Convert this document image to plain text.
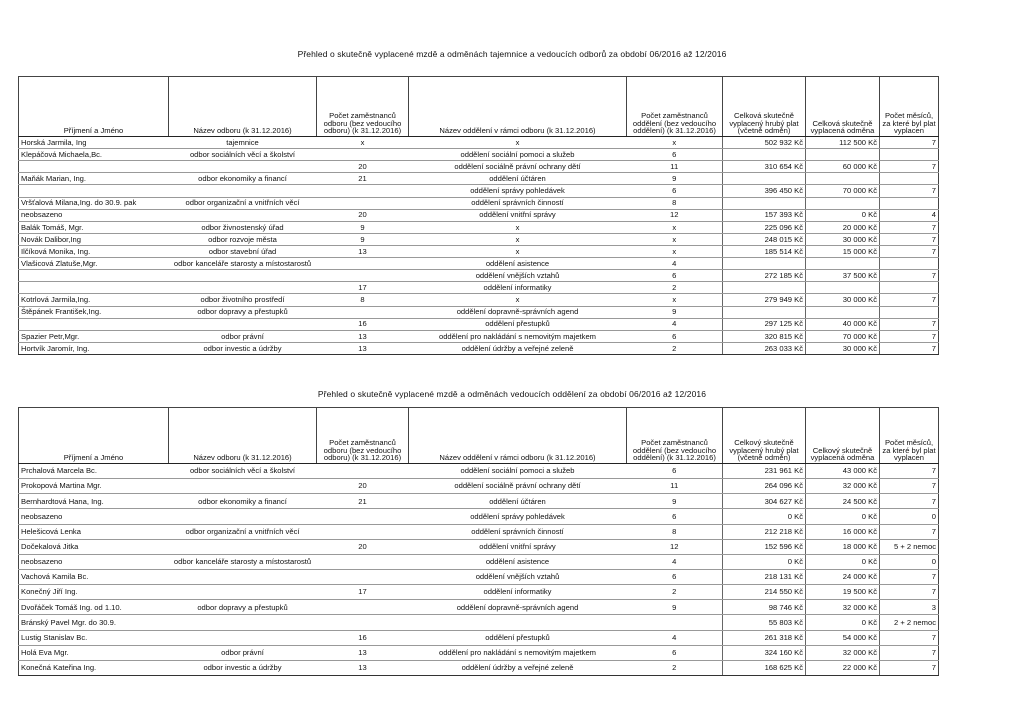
Přehled o skutečně vyplacené mzdě a odměnách tajemnice a vedoucích odborů za období 06/2016 až 12/2016
Příjmení a Jméno	Název odboru (k 31.12.2016)	Počet zaměstnanců odboru (bez vedoucího odboru) (k 31.12.2016)	Název oddělení v rámci odboru (k 31.12.2016)	Počet zaměstnanců oddělení (bez vedoucího oddělení) (k 31.12.2016)	Celková skutečně vyplacený hrubý plat (včetně odměn)	Celková skutečně vyplacená odměna	Počet měsíců, za které byl plat vyplacen
Horská Jarmila, Ing	tajemnice	x	x	x	502 932 Kč	112 500 Kč	7
Klepáčová Michaela,Bc.	odbor sociálních věcí a školství		oddělení sociální pomoci a služeb	6			
		20	oddělení sociálně právní ochrany dětí	11	310 654 Kč	60 000 Kč	7
Maňák Marian, Ing.	odbor ekonomiky a financí	21	oddělení účtáren	9			
			oddělení správy pohledávek	6	396 450 Kč	70 000 Kč	7
Vršťalová Milana,Ing. do 30.9. pak	odbor organizační a vnitřních věcí		oddělení správních činností	8			
neobsazeno		20	oddělení vnitřní správy	12	157 393 Kč	0 Kč	4
Balák Tomáš, Mgr.	odbor živnostenský úřad	9	x	x	225 096 Kč	20 000 Kč	7
Novák Dalibor,Ing	odbor rozvoje města	9	x	x	248 015 Kč	30 000 Kč	7
Ilčíková Monika, Ing.	odbor stavební úřad	13	x	x	185 514 Kč	15 000 Kč	7
Vlašicová Zlatuše,Mgr.	odbor kanceláře starosty a místostarostů		oddělení asistence	4			
			oddělení vnějších vztahů	6	272 185 Kč	37 500 Kč	7
		17	oddělení informatiky	2			
Kotrlová Jarmila,Ing.	odbor životního prostředí	8	x	x	279 949 Kč	30 000 Kč	7
Štěpánek František,Ing.	odbor dopravy a přestupků		oddělení dopravně-správních agend	9			
		16	oddělení přestupků	4	297 125 Kč	40 000 Kč	7
Spazier Petr,Mgr.	odbor právní	13	oddělení pro nakládání s nemovitým majetkem	6	320 815 Kč	70 000 Kč	7
Hortvík Jaromír, Ing.	odbor investic a údržby	13	oddělení údržby a veřejné zeleně	2	263 033 Kč	30 000 Kč	7
Přehled o skutečně vyplacené mzdě a odměnách vedoucích oddělení za období 06/2016 až 12/2016
Příjmení a Jméno	Název odboru (k 31.12.2016)	Počet zaměstnanců odboru (bez vedoucího odboru) (k 31.12.2016)	Název oddělení v rámci odboru (k 31.12.2016)	Počet zaměstnanců oddělení (bez vedoucího oddělení) (k 31.12.2016)	Celkový skutečně vyplacený hrubý plat (včetně odměn)	Celkový skutečně vyplacená odměna	Počet měsíců, za které byl plat vyplacen
Prchalová Marcela Bc.	odbor sociálních věcí a školství		oddělení sociální pomoci a služeb	6	231 961 Kč	43 000 Kč	7
Prokopová Martina Mgr.		20	oddělení sociálně právní ochrany dětí	11	264 096 Kč	32 000 Kč	7
Bernhardtová Hana, Ing.	odbor ekonomiky a financí	21	oddělení účtáren	9	304 627 Kč	24 500 Kč	7
neobsazeno			oddělení správy pohledávek	6	0 Kč	0 Kč	0
Helešicová Lenka	odbor organizační a vnitřních věcí		oddělení správních činností	8	212 218 Kč	16 000 Kč	7
Dočekalová Jitka		20	oddělení vnitřní správy	12	152 596 Kč	18 000 Kč	5 + 2 nemoc
neobsazeno	odbor kanceláře starosty a místostarostů		oddělení asistence	4	0 Kč	0 Kč	0
Vachová Kamila Bc.			oddělení vnějších vztahů	6	218 131 Kč	24 000 Kč	7
Konečný Jiří Ing.		17	oddělení informatiky	2	214 550 Kč	19 500 Kč	7
Dvořáček Tomáš Ing. od 1.10.	odbor dopravy a přestupků		oddělení dopravně-správních agend	9	98 746 Kč	32 000 Kč	3
Bránský Pavel Mgr. do 30.9.					55 803 Kč	0 Kč	2 + 2 nemoc
Lustig Stanislav Bc.		16	oddělení přestupků	4	261 318 Kč	54 000 Kč	7
Holá Eva Mgr.	odbor právní	13	oddělení pro nakládání s nemovitým majetkem	6	324 160 Kč	32 000 Kč	7
Konečná Kateřina Ing.	odbor investic a údržby	13	oddělení údržby a veřejné zeleně	2	168 625 Kč	22 000 Kč	7
